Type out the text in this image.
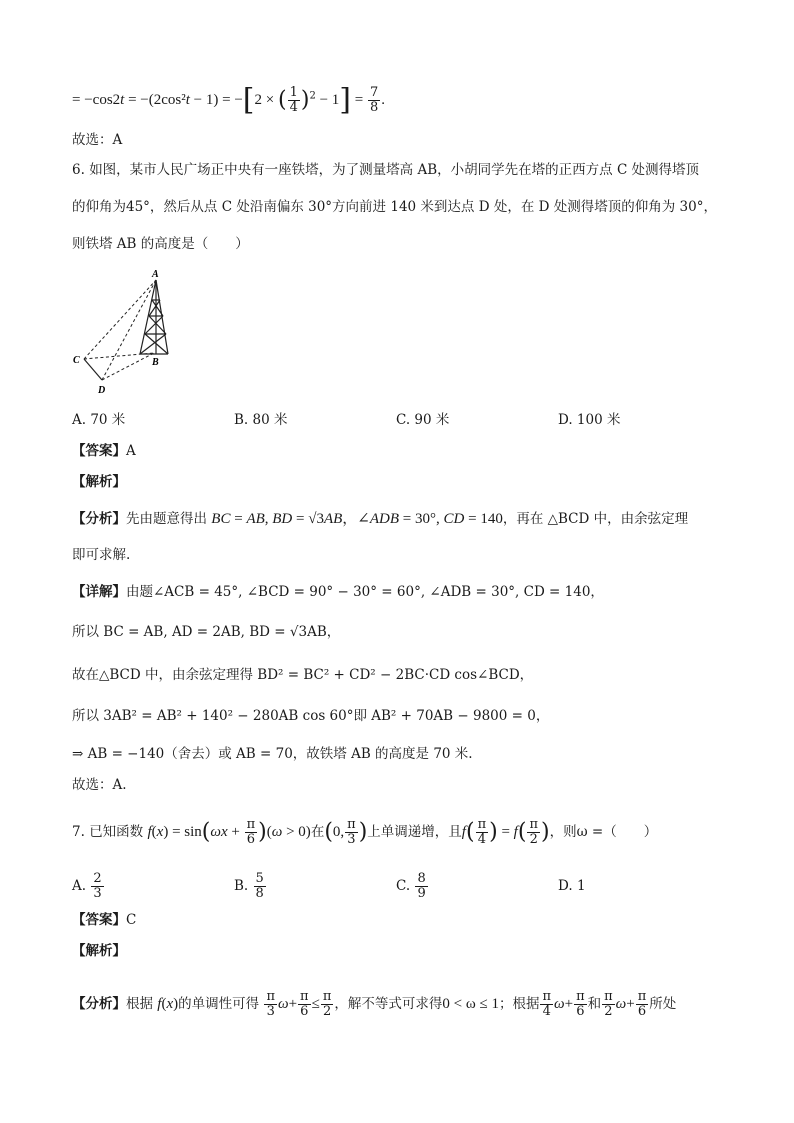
= −cos2t = −(2cos²t − 1) = −[2 × ( $\frac{1}{4} )^2 - 1] = \frac{7}{8}$ .
故选：A
6. 如图，某市人民广场正中央有一座铁塔，为了测量塔高 AB，小胡同学先在塔的正西方点 C 处测得塔顶
的仰角为45°，然后从点 C 处沿南偏东 30°方向前进 140 米到达点 D 处，在 D 处测得塔顶的仰角为 30°，
则铁塔 AB 的高度是（　　）
A
C	B
D
A. 70 米	B. 80 米	C. 90 米	D. 100 米
【答案】A
【解析】
【分析】先由题意得出 BC = AB, BD = √3AB，∠ADB = 30°, CD = 140，再在 △BCD 中，由余弦定理
即可求解.
【详解】由题∠ACB = 45°, ∠BCD = 90° − 30° = 60°, ∠ADB = 30°, CD = 140，
所以 BC = AB, AD = 2AB, BD = √3AB，
故在△BCD 中，由余弦定理得 BD² = BC² + CD² − 2BC·CD cos∠BCD，
所以 3AB² = AB² + 140² − 280AB cos 60°即 AB² + 70AB − 9800 = 0，
⇒ AB = −140（舍去）或 AB = 70，故铁塔 AB 的高度是 70 米.
故选：A.
7. 已知函数 $f(x) = \sin(\omega x + \frac{\pi}{6} )(\omega > 0)$在(0, $\frac{\pi}{3}$ )上单调递增，且$f( \frac{\pi}{4}$ ) = $f( \frac{\pi}{2}$ )，则ω =（　　）
A. $\frac{2}{3}$	B. $\frac{5}{8}$	C. $\frac{8}{9}$	D. 1
【答案】C
【解析】
【分析】根据 f(x)的单调性可得 $\frac{\pi}{3} \omega+ \frac{\pi}{6} \le \frac{\pi}{2}$ ，解不等式可求得0 < ω ≤ 1；根据 $\frac{\pi}{4} \omega+ \frac{\pi}{6}$ 和 $\frac{\pi}{2} \omega+ \frac{\pi}{6}$ 所处
